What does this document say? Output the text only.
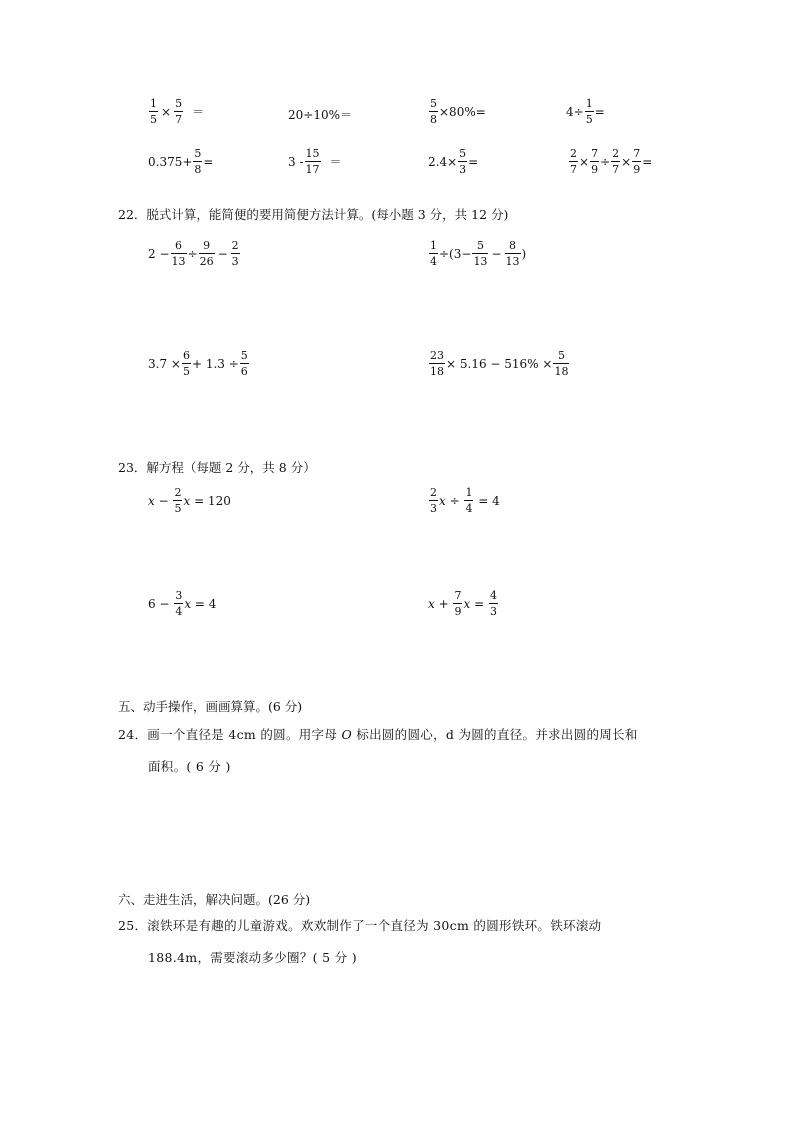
$\frac{1}{5} \times \frac{5}{7}$ ＝	20÷10%＝	$\frac{5}{8} \times 80\%=$	$4\div \frac{1}{5}$ =
$0.375+ \frac{5}{8}$ =	$3 - \frac{15}{17}$ ＝	$2.4\times \frac{5}{3}$ =	$\frac{2}{7} \times \frac{7}{9} \div \frac{2}{7} \times \frac{7}{9}$ =
22．脱式计算，能简便的要用简便方法计算。(每小题 3 分，共 12 分)
$2 - \frac{6}{13} \div \frac{9}{26} - \frac{2}{3}$	$\frac{1}{4} \div(3- \frac{5}{13} - \frac{8}{13}$ )
$3.7 \times \frac{6}{5} + 1.3 \div \frac{5}{6}$	$\frac{23}{18} \times 5.16 - 516\% \times \frac{5}{18}$
23．解方程（每题 2 分，共 8 分）
$x - \frac{2}{5}$ x = 120	$\frac{2}{3}$ $x \div \frac{1}{4} = 4$
$6 - \frac{3}{4}$ x = 4	$x + \frac{7}{9}$ $x = \frac{4}{3}$
五、动手操作，画画算算。(6 分)
24．画一个直径是 4cm 的圆。用字母 O 标出圆的圆心，d 为圆的直径。并求出圆的周长和
面积。( 6 分 )
六、走进生活，解决问题。(26 分)
25．滚铁环是有趣的儿童游戏。欢欢制作了一个直径为 30cm 的圆形铁环。铁环滚动
188.4m，需要滚动多少圈？( 5 分 )
